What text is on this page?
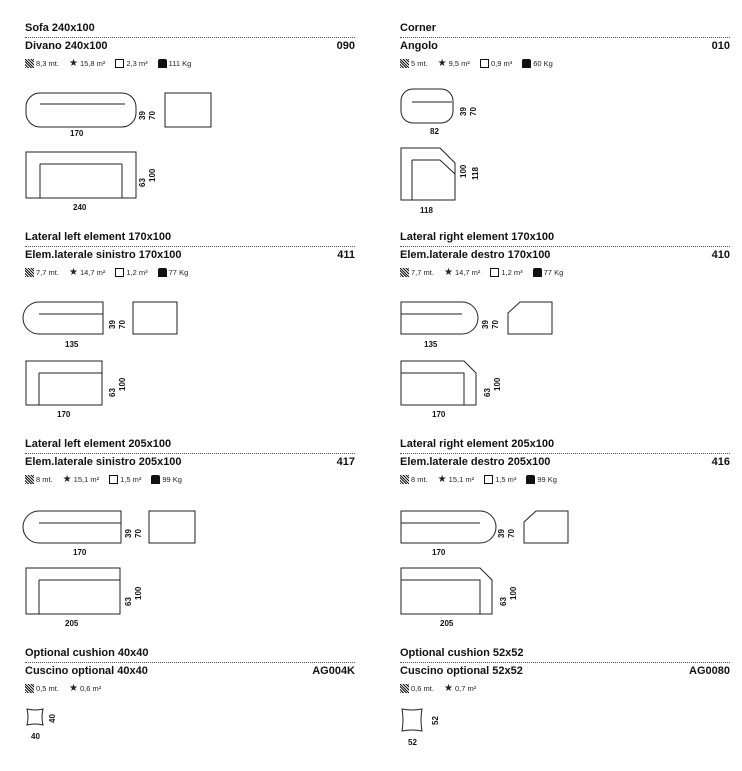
Sofa 240x100
Divano 240x100	090
8,3 mt. ★ 15,8 m²	2,3 m³	111 Kg
170
39 70
240
63
100
Corner
Angolo	010
5 mt. ★ 9,5 m²	0,9 m³	60 Kg
82
39 70
118
100 118
Lateral left element 170x100
Elem.laterale sinistro 170x100	411
7,7 mt. ★ 14,7 m²	1,2 m³	77 Kg
135
39 70
170
63
100
Lateral right element 170x100
Elem.laterale destro 170x100	410
7,7 mt. ★ 14,7 m²	1,2 m³	77 Kg
135
39 70
170
63
100
Lateral left element 205x100
Elem.laterale sinistro 205x100	417
8 mt. ★ 15,1 m²	1,5 m³	99 Kg
170
39 70
205
63
100
Lateral right element 205x100
Elem.laterale destro 205x100	416
8 mt. ★ 15,1 m²	1,5 m³	99 Kg
170
39 70
205
63
100
Optional cushion 40x40
Cuscino optional 40x40	AG004K
0,5 mt. ★ 0,6 m²
40
40
Optional cushion 52x52
Cuscino optional 52x52	AG0080
0,6 mt. ★ 0,7 m²
52
52
